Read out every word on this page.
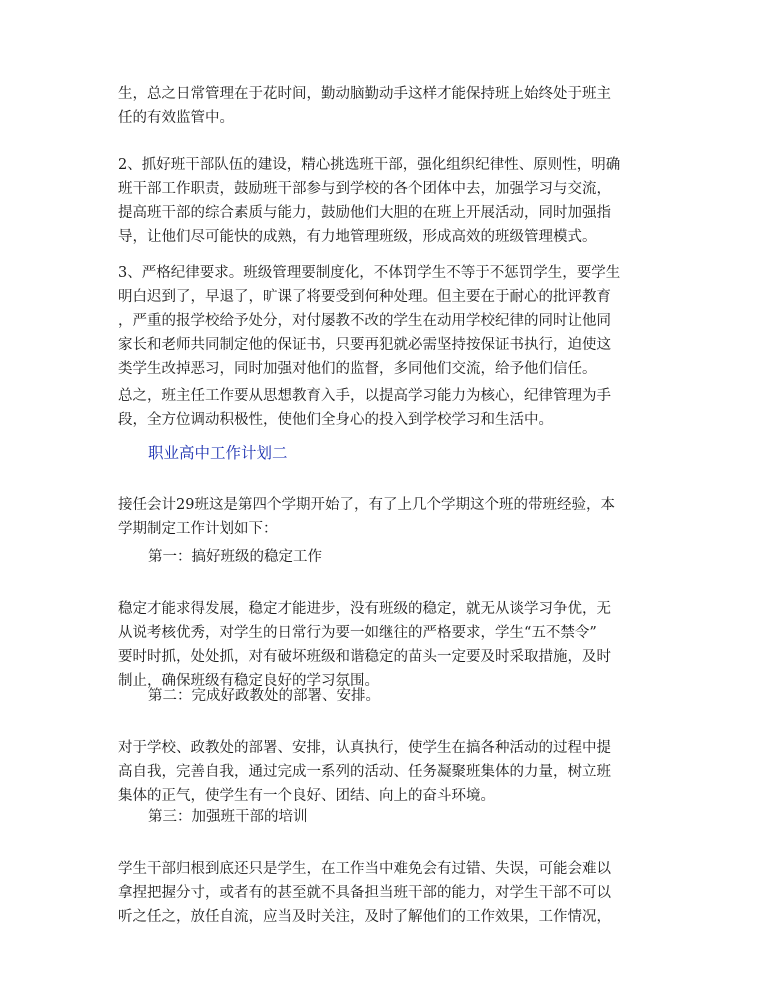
生，总之日常管理在于花时间，勤动脑勤动手这样才能保持班上始终处于班主
任的有效监管中。
2、抓好班干部队伍的建设，精心挑选班干部，强化组织纪律性、原则性，明确
班干部工作职责，鼓励班干部参与到学校的各个团体中去，加强学习与交流，
提高班干部的综合素质与能力，鼓励他们大胆的在班上开展活动，同时加强指
导，让他们尽可能快的成熟，有力地管理班级，形成高效的班级管理模式。
3、严格纪律要求。班级管理要制度化，不体罚学生不等于不惩罚学生，要学生
明白迟到了，早退了，旷课了将要受到何种处理。但主要在于耐心的批评教育
，严重的报学校给予处分，对付屡教不改的学生在动用学校纪律的同时让他同
家长和老师共同制定他的保证书，只要再犯就必需坚持按保证书执行，迫使这
类学生改掉恶习，同时加强对他们的监督，多同他们交流，给予他们信任。
总之，班主任工作要从思想教育入手，以提高学习能力为核心，纪律管理为手
段，全方位调动积极性，使他们全身心的投入到学校学习和生活中。
职业高中工作计划二
接任会计29班这是第四个学期开始了，有了上几个学期这个班的带班经验，本
学期制定工作计划如下：
第一：搞好班级的稳定工作
稳定才能求得发展，稳定才能进步，没有班级的稳定，就无从谈学习争优，无
从说考核优秀，对学生的日常行为要一如继往的严格要求，学生“五不禁令”
要时时抓，处处抓，对有破坏班级和谐稳定的苗头一定要及时采取措施，及时
制止，确保班级有稳定良好的学习氛围。
第二：完成好政教处的部署、安排。
对于学校、政教处的部署、安排，认真执行，使学生在搞各种活动的过程中提
高自我，完善自我，通过完成一系列的活动、任务凝聚班集体的力量，树立班
集体的正气，使学生有一个良好、团结、向上的奋斗环境。
第三：加强班干部的培训
学生干部归根到底还只是学生，在工作当中难免会有过错、失误，可能会难以
拿捏把握分寸，或者有的甚至就不具备担当班干部的能力，对学生干部不可以
听之任之，放任自流，应当及时关注，及时了解他们的工作效果，工作情况，
